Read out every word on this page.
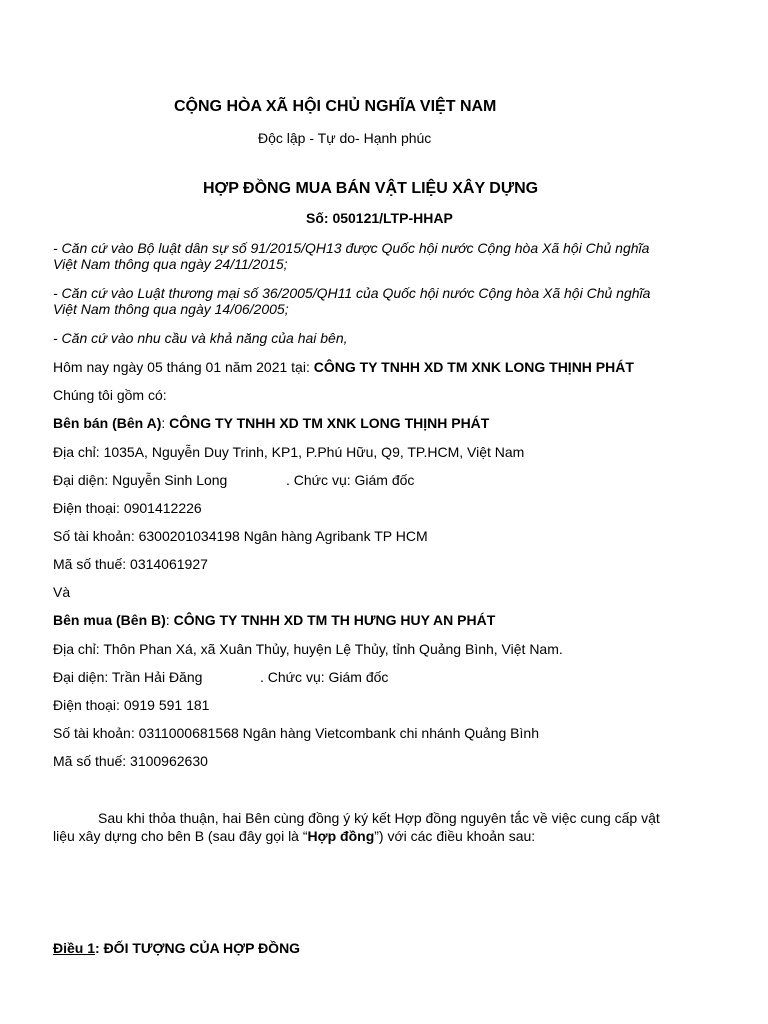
CỘNG HÒA XÃ HỘI CHỦ NGHĨA VIỆT NAM
Độc lập - Tự do- Hạnh phúc
HỢP ĐỒNG MUA BÁN VẬT LIỆU XÂY DỰNG
Số: 050121/LTP-HHAP
- Căn cứ vào Bộ luật dân sự số 91/2015/QH13 được Quốc hội nước Cộng hòa Xã hội Chủ nghĩa
Việt Nam thông qua ngày 24/11/2015;
- Căn cứ vào Luật thương mại số 36/2005/QH11 của Quốc hội nước Cộng hòa Xã hội Chủ nghĩa
Việt Nam thông qua ngày 14/06/2005;
- Căn cứ vào nhu cầu và khả năng của hai bên,
Hôm nay ngày 05 tháng 01 năm 2021 tại: CÔNG TY TNHH XD TM XNK LONG THỊNH PHÁT
Chúng tôi gồm có:
Bên bán (Bên A): CÔNG TY TNHH XD TM XNK LONG THỊNH PHÁT
Địa chỉ: 1035A, Nguyễn Duy Trinh, KP1, P.Phú Hữu, Q9, TP.HCM, Việt Nam
Đại diện: Nguyễn Sinh Long	. Chức vụ: Giám đốc
Điện thoại: 0901412226
Số tài khoản: 6300201034198 Ngân hàng Agribank TP HCM
Mã số thuế: 0314061927
Và
Bên mua (Bên B): CÔNG TY TNHH XD TM TH HƯNG HUY AN PHÁT
Địa chỉ: Thôn Phan Xá, xã Xuân Thủy, huyện Lệ Thủy, tỉnh Quảng Bình, Việt Nam.
Đại diện: Trần Hải Đăng	. Chức vụ: Giám đốc
Điện thoại: 0919 591 181
Số tài khoản: 0311000681568 Ngân hàng Vietcombank chi nhánh Quảng Bình
Mã số thuế: 3100962630
Sau khi thỏa thuận, hai Bên cùng đồng ý ký kết Hợp đồng nguyên tắc về việc cung cấp vật
liệu xây dựng cho bên B (sau đây gọi là “Hợp đồng”) với các điều khoản sau:
Điều 1: ĐỐI TƯỢNG CỦA HỢP ĐỒNG
